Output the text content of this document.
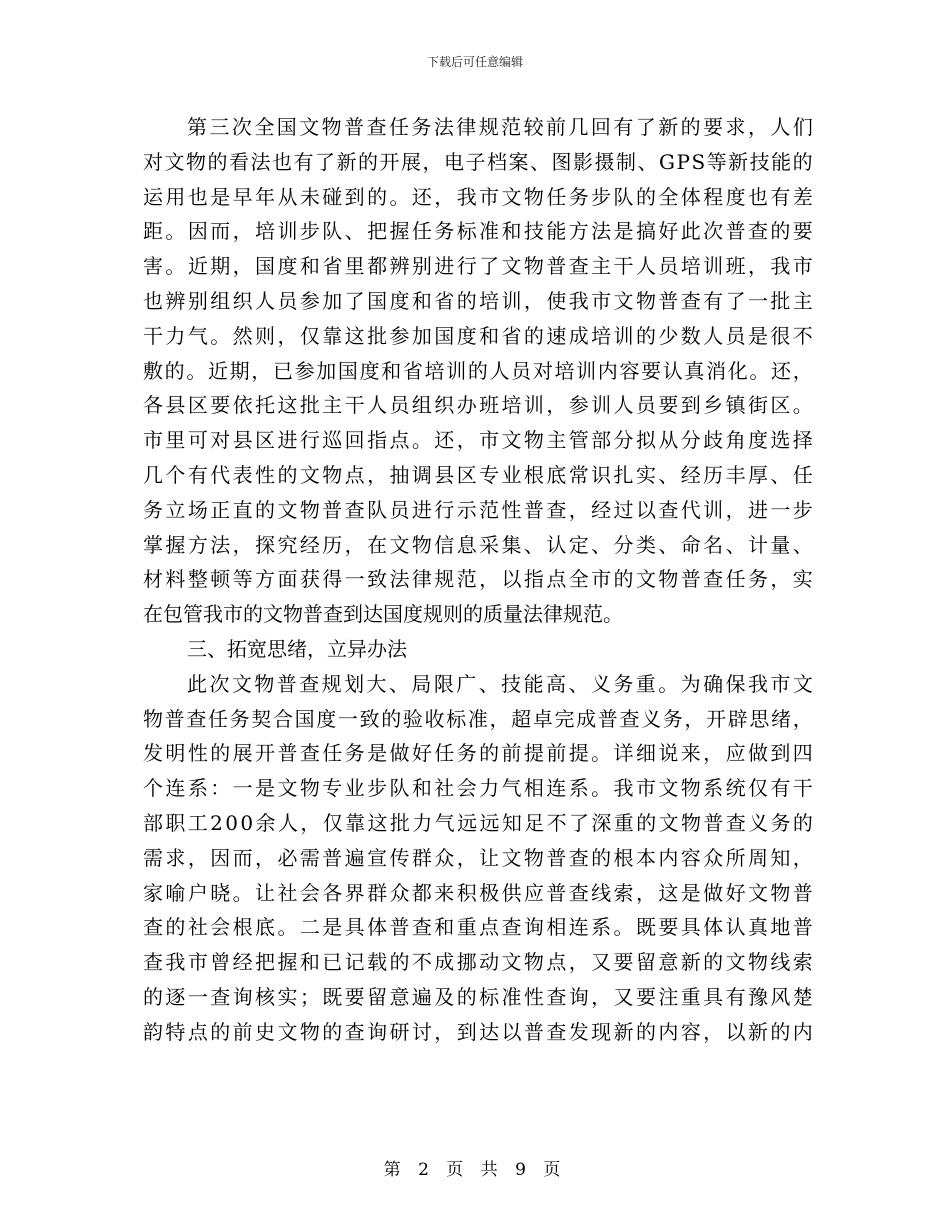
下载后可任意编辑
第 三 次 全 国 文 物 普 查 任 务 法 律 规 范 较 前 几 回 有 了 新 的 要 求 ， 人 们
对 文 物 的 看 法 也 有 了 新 的 开 展 ， 电 子 档 案 、 图 影 摄 制 、 G P S 等 新 技 能 的
运 用 也 是 早 年 从 未 碰 到 的 。 还 ， 我 市 文 物 任 务 步 队 的 全 体 程 度 也 有 差
距 。 因 而 ， 培 训 步 队 、 把 握 任 务 标 准 和 技 能 方 法 是 搞 好 此 次 普 查 的 要
害 。 近 期 ， 国 度 和 省 里 都 辨 别 进 行 了 文 物 普 查 主 干 人 员 培 训 班 ， 我 市
也 辨 别 组 织 人 员 参 加 了 国 度 和 省 的 培 训 ， 使 我 市 文 物 普 查 有 了 一 批 主
干 力 气 。 然 则 ， 仅 靠 这 批 参 加 国 度 和 省 的 速 成 培 训 的 少 数 人 员 是 很 不
敷 的 。 近 期 ， 已 参 加 国 度 和 省 培 训 的 人 员 对 培 训 内 容 要 认 真 消 化 。 还 ，
各 县 区 要 依 托 这 批 主 干 人 员 组 织 办 班 培 训 ， 参 训 人 员 要 到 乡 镇 街 区 。
市 里 可 对 县 区 进 行 巡 回 指 点 。 还 ， 市 文 物 主 管 部 分 拟 从 分 歧 角 度 选 择
几 个 有 代 表 性 的 文 物 点 ， 抽 调 县 区 专 业 根 底 常 识 扎 实 、 经 历 丰 厚 、 任
务 立 场 正 直 的 文 物 普 查 队 员 进 行 示 范 性 普 查 ， 经 过 以 查 代 训 ， 进 一 步
掌 握 方 法 ， 探 究 经 历 ， 在 文 物 信 息 采 集 、 认 定 、 分 类 、 命 名 、 计 量 、
材 料 整 顿 等 方 面 获 得 一 致 法 律 规 范 ， 以 指 点 全 市 的 文 物 普 查 任 务 ， 实
在包管我市的文物普查到达国度规则的质量法律规范。
三、拓宽思绪，立异办法
此 次 文 物 普 查 规 划 大 、 局 限 广 、 技 能 高 、 义 务 重 。 为 确 保 我 市 文
物 普 查 任 务 契 合 国 度 一 致 的 验 收 标 准 ， 超 卓 完 成 普 查 义 务 ， 开 辟 思 绪 ，
发 明 性 的 展 开 普 查 任 务 是 做 好 任 务 的 前 提 前 提 。 详 细 说 来 ， 应 做 到 四
个 连 系 ： 一 是 文 物 专 业 步 队 和 社 会 力 气 相 连 系 。 我 市 文 物 系 统 仅 有 干
部 职 工 2 0 0 余 人 ， 仅 靠 这 批 力 气 远 远 知 足 不 了 深 重 的 文 物 普 查 义 务 的
需 求 ， 因 而 ， 必 需 普 遍 宣 传 群 众 ， 让 文 物 普 查 的 根 本 内 容 众 所 周 知 ，
家 喻 户 晓 。 让 社 会 各 界 群 众 都 来 积 极 供 应 普 查 线 索 ， 这 是 做 好 文 物 普
查 的 社 会 根 底 。 二 是 具 体 普 查 和 重 点 查 询 相 连 系 。 既 要 具 体 认 真 地 普
查 我 市 曾 经 把 握 和 已 记 载 的 不 成 挪 动 文 物 点 ， 又 要 留 意 新 的 文 物 线 索
的 逐 一 查 询 核 实 ； 既 要 留 意 遍 及 的 标 准 性 查 询 ， 又 要 注 重 具 有 豫 风 楚
韵 特 点 的 前 史 文 物 的 查 询 研 讨 ， 到 达 以 普 查 发 现 新 的 内 容 ， 以 新 的 内
第 2 页 共 9 页
